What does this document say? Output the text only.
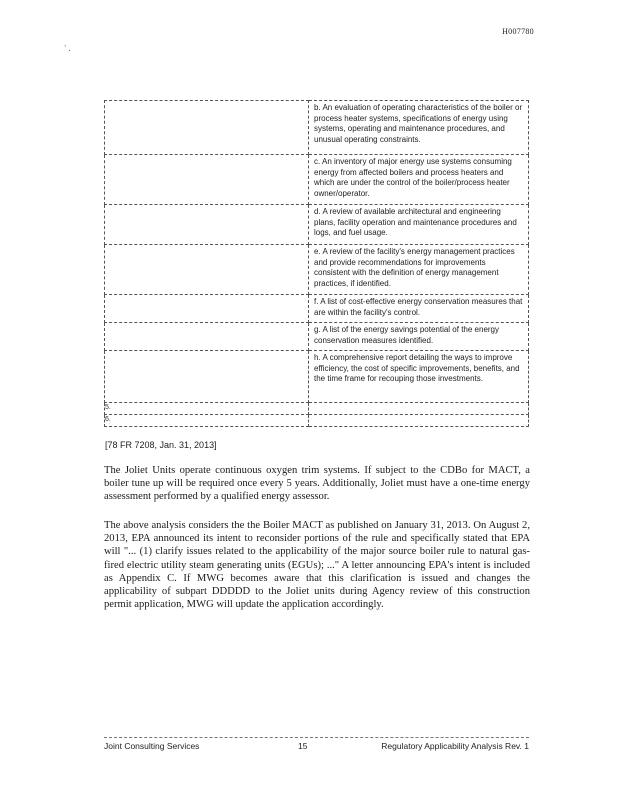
H007780
` .
	b. An evaluation of operating characteristics of the boiler or process heater systems, specifications of energy using systems, operating and maintenance procedures, and unusual operating constraints.
	c. An inventory of major energy use systems consuming energy from affected boilers and process heaters and which are under the control of the boiler/process heater owner/operator.
	d. A review of available architectural and engineering plans, facility operation and maintenance procedures and logs, and fuel usage.
	e. A review of the facility's energy management practices and provide recommendations for improvements consistent with the definition of energy management practices, if identified.
	f. A list of cost-effective energy conservation measures that are within the facility's control.
	g. A list of the energy savings potential of the energy conservation measures identified.
	h. A comprehensive report detailing the ways to improve efficiency, the cost of specific improvements, benefits, and the time frame for recouping those investments.
5.	
6.	
[78 FR 7208, Jan. 31, 2013]
The Joliet Units operate continuous oxygen trim systems. If subject to the CDBo for MACT, a boiler tune up will be required once every 5 years. Additionally, Joliet must have a one-time energy assessment performed by a qualified energy assessor.
The above analysis considers the the Boiler MACT as published on January 31, 2013. On August 2, 2013, EPA announced its intent to reconsider portions of the rule and specifically stated that EPA will "... (1) clarify issues related to the applicability of the major source boiler rule to natural gas-fired electric utility steam generating units (EGUs); ..." A letter announcing EPA's intent is included as Appendix C. If MWG becomes aware that this clarification is issued and changes the applicability of subpart DDDDD to the Joliet units during Agency review of this construction permit application, MWG will update the application accordingly.
Joint Consulting Services	15	Regulatory Applicability Analysis Rev. 1
